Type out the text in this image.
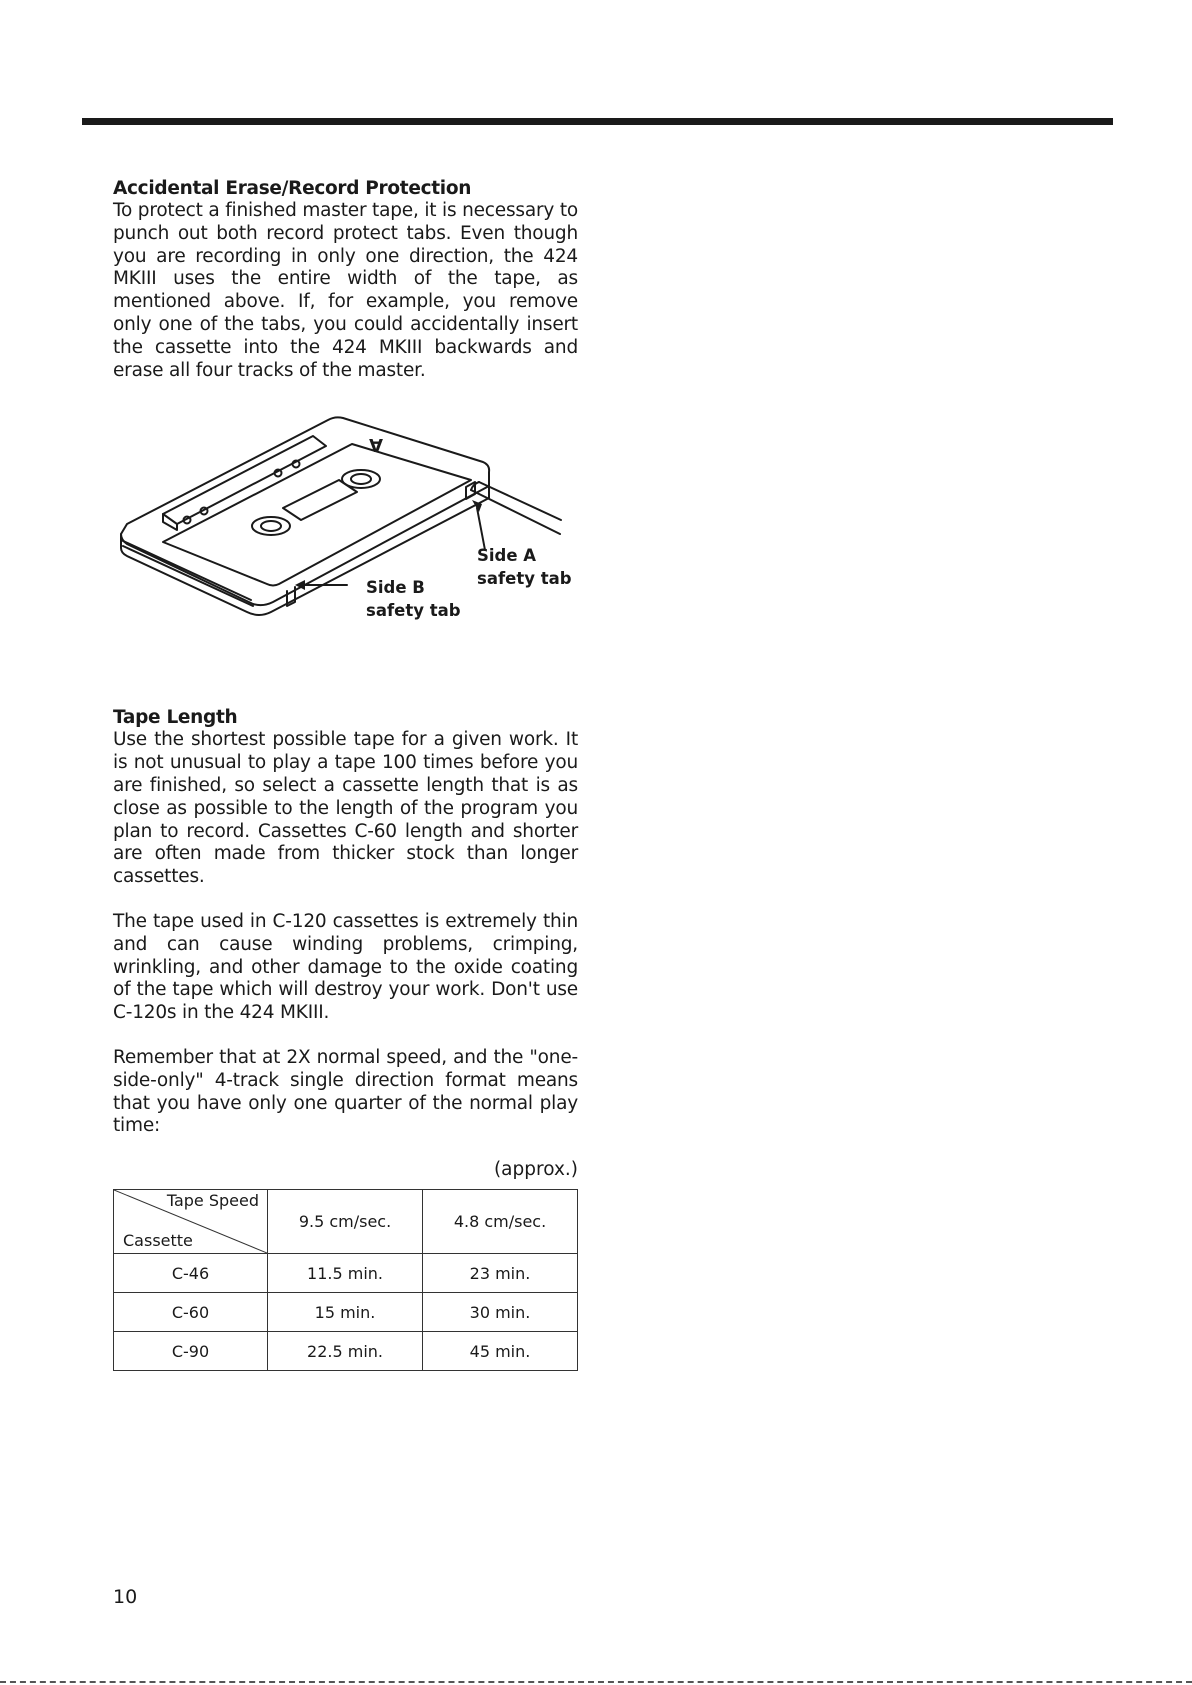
Accidental Erase/Record Protection

To protect a finished master tape, it is necessary to punch out both record protect tabs. Even though you are recording in only one direction, the 424 MKIII uses the entire width of the tape, as mentioned above. If, for example, you remove only one of the tabs, you could accidentally insert the cassette into the 424 MKIII backwards and erase all four tracks of the master.

A
Side A
safety tab
Side B
safety tab
Tape Length

Use the shortest possible tape for a given work. It is not unusual to play a tape 100 times before you are finished, so select a cassette length that is as close as possible to the length of the program you plan to record. Cassettes C-60 length and shorter are often made from thicker stock than longer cassettes.

The tape used in C-120 cassettes is extremely thin and can cause winding problems, crimping, wrinkling, and other damage to the oxide coating of the tape which will destroy your work. Don't use C-120s in the 424 MKIII.

Remember that at 2X normal speed, and the "one-side-only" 4-track single direction format means that you have only one quarter of the normal play time:

(approx.)
Tape Speed
Cassette	9.5 cm/sec.	4.8 cm/sec.
C-46	11.5 min.	23 min.
C-60	15 min.	30 min.
C-90	22.5 min.	45 min.
10
